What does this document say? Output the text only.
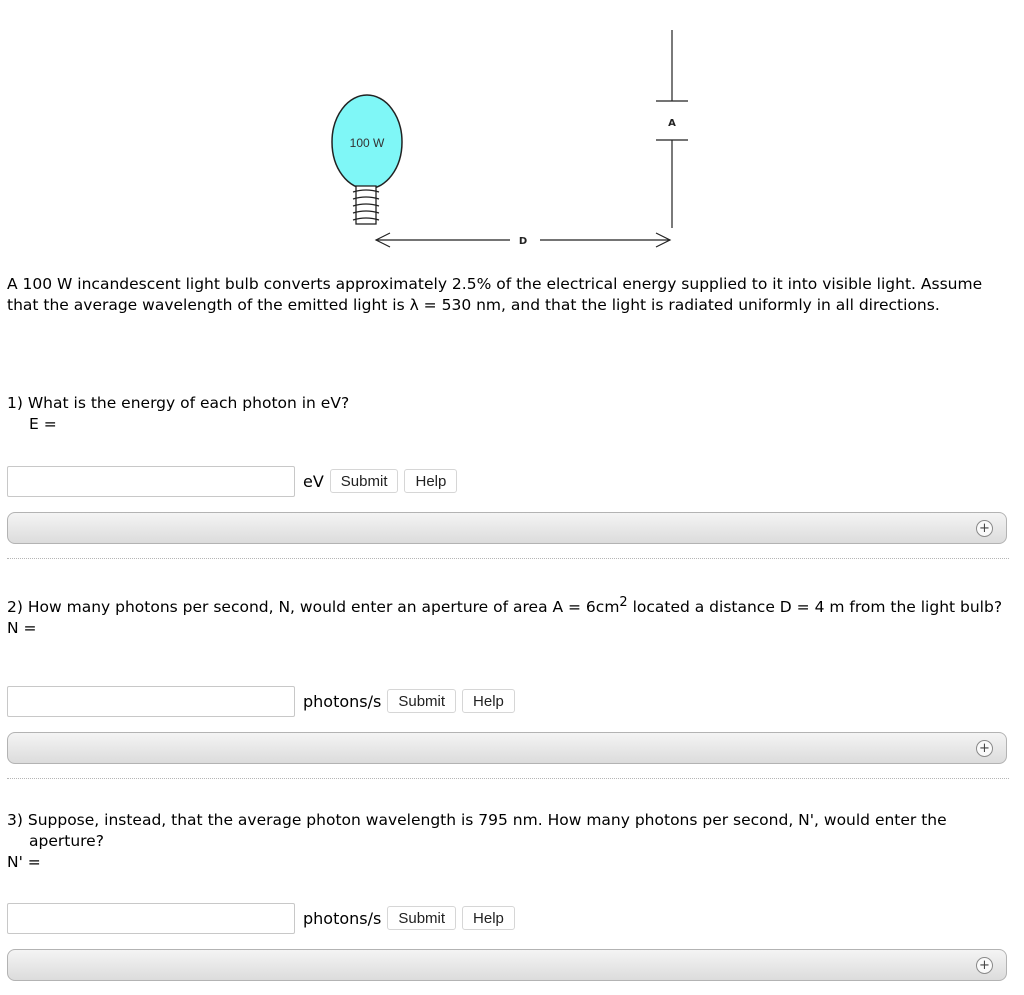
100 W
A
D
A 100 W incandescent light bulb converts approximately 2.5% of the electrical energy supplied to it into visible light. Assume that the average wavelength of the emitted light is λ = 530 nm, and that the light is radiated uniformly in all directions.
1) What is the energy of each photon in eV?
E =
eV	Submit	Help
+
2) How many photons per second, N, would enter an aperture of area $A = 6cm^2$ located a distance D = 4 m from the light bulb?
N =
photons/s	Submit	Help
+
3) Suppose, instead, that the average photon wavelength is 795 nm. How many photons per second, N', would enter the aperture?
N' =
photons/s	Submit	Help
+
